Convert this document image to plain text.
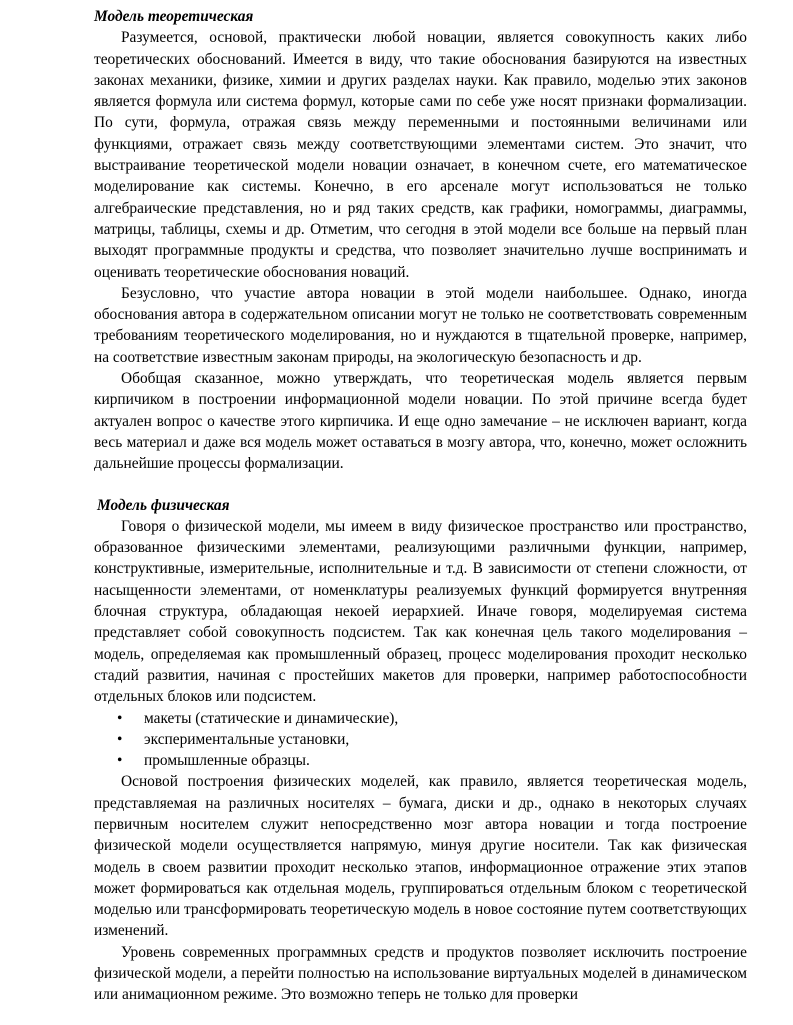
Модель теоретическая

Разумеется, основой, практически любой новации, является совокупность каких либо теоретических обоснований. Имеется в виду, что такие обоснования базируются на известных законах механики, физике, химии и других разделах науки. Как правило, моделью этих законов является формула или система формул, которые сами по себе уже носят признаки формализации. По сути, формула, отражая связь между переменными и постоянными величинами или функциями, отражает связь между соответствующими элементами систем. Это значит, что выстраивание теоретической модели новации означает, в конечном счете, его математическое моделирование как системы. Конечно, в его арсенале могут использоваться не только алгебраические представления, но и ряд таких средств, как графики, номограммы, диаграммы, матрицы, таблицы, схемы и др. Отметим, что сегодня в этой модели все больше на первый план выходят программные продукты и средства, что позволяет значительно лучше воспринимать и оценивать теоретические обоснования новаций.

Безусловно, что участие автора новации в этой модели наибольшее. Однако, иногда обоснования автора в содержательном описании могут не только не соответствовать современным требованиям теоретического моделирования, но и нуждаются в тщательной проверке, например, на соответствие известным законам природы, на экологическую безопасность и др.

Обобщая сказанное, можно утверждать, что теоретическая модель является первым кирпичиком в построении информационной модели новации. По этой причине всегда будет актуален вопрос о качестве этого кирпичика. И еще одно замечание – не исключен вариант, когда весь материал и даже вся модель может оставаться в мозгу автора, что, конечно, может осложнить дальнейшие процессы формализации.

Модель физическая

Говоря о физической модели, мы имеем в виду физическое пространство или пространство, образованное физическими элементами, реализующими различными функции, например, конструктивные, измерительные, исполнительные и т.д. В зависимости от степени сложности, от насыщенности элементами, от номенклатуры реализуемых функций формируется внутренняя блочная структура, обладающая некоей иерархией. Иначе говоря, моделируемая система представляет собой совокупность подсистем. Так как конечная цель такого моделирования – модель, определяемая как промышленный образец, процесс моделирования проходит несколько стадий развития, начиная с простейших макетов для проверки, например работоспособности отдельных блоков или подсистем.

• макеты (статические и динамические),
• экспериментальные установки,
• промышленные образцы.

Основой построения физических моделей, как правило, является теоретическая модель, представляемая на различных носителях – бумага, диски и др., однако в некоторых случаях первичным носителем служит непосредственно мозг автора новации и тогда построение физической модели осуществляется напрямую, минуя другие носители. Так как физическая модель в своем развитии проходит несколько этапов, информационное отражение этих этапов может формироваться как отдельная модель, группироваться отдельным блоком с теоретической моделью или трансформировать теоретическую модель в новое состояние путем соответствующих изменений.

Уровень современных программных средств и продуктов позволяет исключить построение физической модели, а перейти полностью на использование виртуальных моделей в динамическом или анимационном режиме. Это возможно теперь не только для проверки
